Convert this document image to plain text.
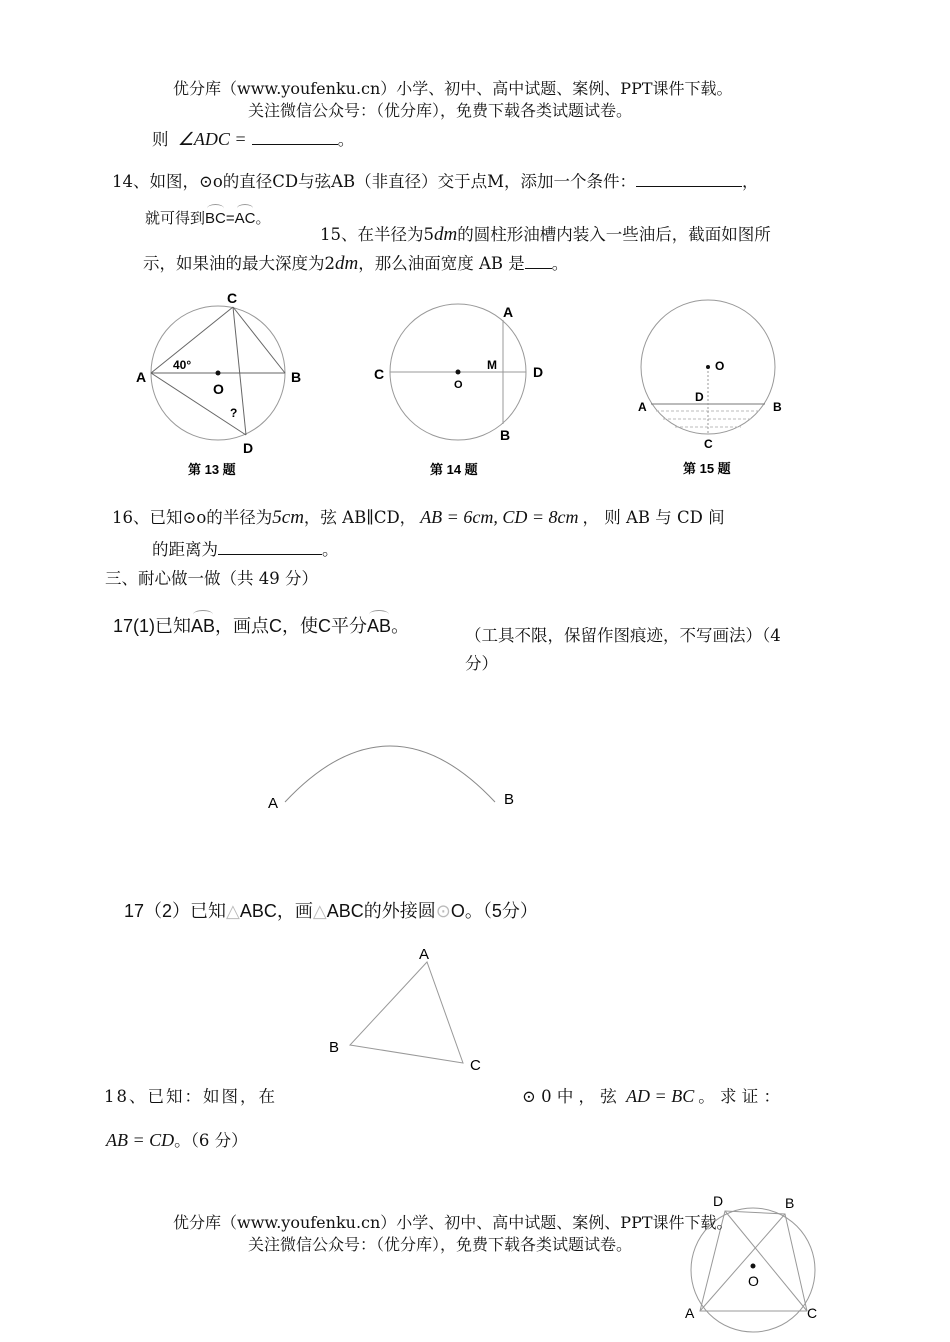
优分库（www.youfenku.cn）小学、初中、高中试题、案例、PPT课件下载。
关注微信公众号：（优分库），免费下载各类试题试卷。
则 ∠ADC =	。
14、如图，⊙o的直径CD与弦AB（非直径）交于点M，添加一个条件：	，
就可得到BC=AC。
15、在半径为5dm的圆柱形油槽内装入一些油后，截面如图所
示，如果油的最大深度为2dm，那么油面宽度 AB 是 。
C
A	B
O
D
40°
?
第 13 题
A
C	D
O
M
B
第 14 题
O
D
A	B
C
第 15 题
16、已知⊙o的半径为5cm，弦 AB∥CD， AB = 6cm, CD = 8cm ， 则 AB 与 CD 间
的距离为	。
三、耐心做一做（共 49 分）
17(1)已知AB，画点C，使C平分AB。	（工具不限，保留作图痕迹，不写画法）（4
分）
A	B
17（2）已知△ABC，画△ABC的外接圆⊙O。（5分）
A
B
C
18、已知：如图，在	⊙ 0 中 ， 弦 AD = BC 。 求 证 ：
AB = CD。（6 分）
D	B
O
A	C
优分库（www.youfenku.cn）小学、初中、高中试题、案例、PPT课件下载。
关注微信公众号：（优分库），免费下载各类试题试卷。
